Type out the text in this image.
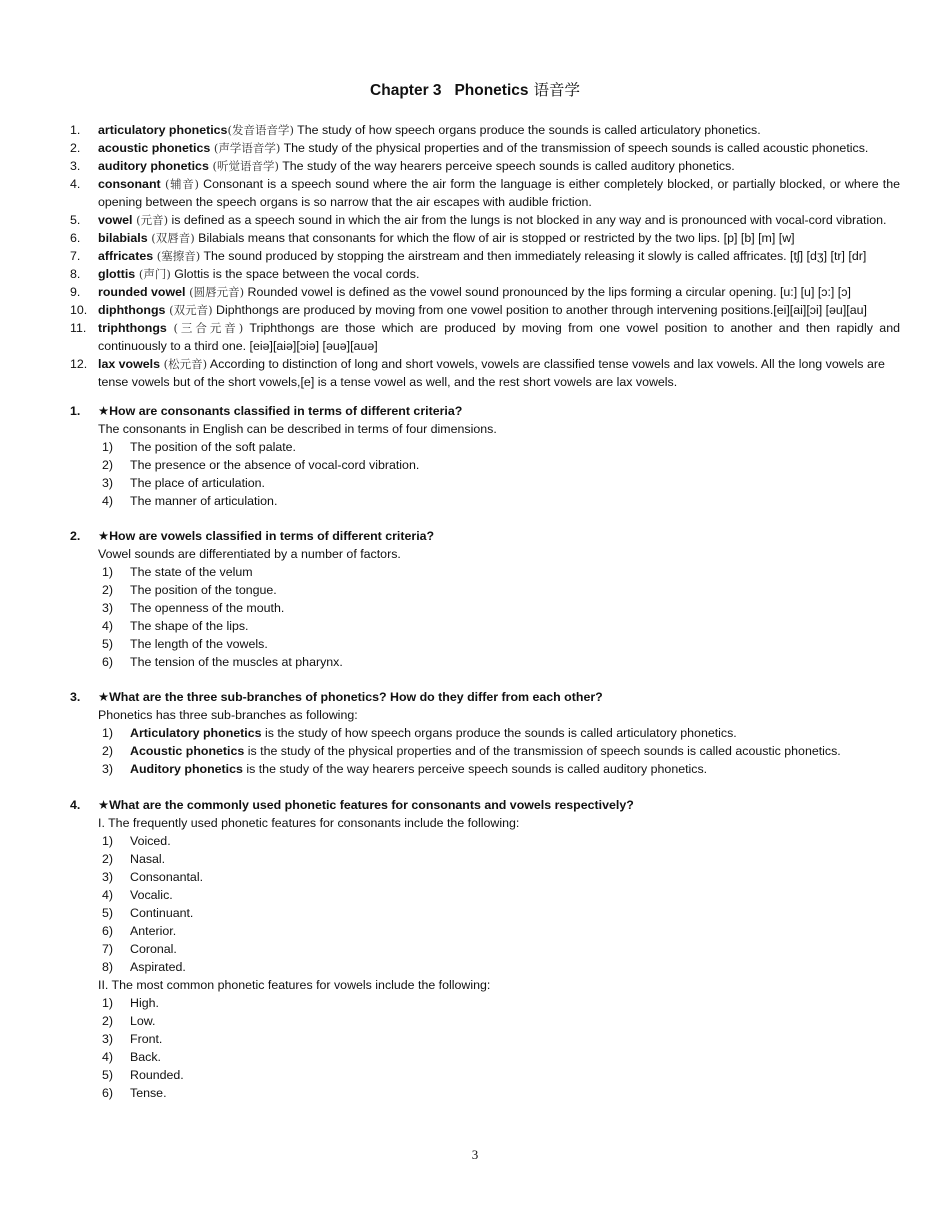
Chapter 3   Phonetics 语音学
1.	articulatory phonetics(发音语音学) The study of how speech organs produce the sounds is called articulatory phonetics.
2.	acoustic phonetics (声学语音学) The study of the physical properties and of the transmission of speech sounds is called acoustic phonetics.
3.	auditory phonetics (听觉语音学) The study of the way hearers perceive speech sounds is called auditory phonetics.
4.	consonant (辅音) Consonant is a speech sound where the air form the language is either completely blocked, or partially blocked, or where the opening between the speech organs is so narrow that the air escapes with audible friction.
5.	vowel (元音) is defined as a speech sound in which the air from the lungs is not blocked in any way and is pronounced with vocal-cord vibration.
6.	bilabials (双唇音) Bilabials means that consonants for which the flow of air is stopped or restricted by the two lips. [p] [b] [m] [w]
7.	affricates (塞擦音) The sound produced by stopping the airstream and then immediately releasing it slowly is called affricates. [tʃ] [dʒ] [tr] [dr]
8.	glottis (声门) Glottis is the space between the vocal cords.
9.	rounded vowel (圆唇元音) Rounded vowel is defined as the vowel sound pronounced by the lips forming a circular opening. [u:] [u] [ɔ:] [ɔ]
10. diphthongs (双元音) Diphthongs are produced by moving from one vowel position to another through intervening positions.[ei][ai][ɔi] [əu][au]
11. triphthongs (三合元音) Triphthongs are those which are produced by moving from one vowel position to another and then rapidly and continuously to a third one. [eiə][aiə][ɔiə] [əuə][auə]
12. lax vowels (松元音) According to distinction of long and short vowels, vowels are classified tense vowels and lax vowels. All the long vowels are tense vowels but of the short vowels,[e] is a tense vowel as well, and the rest short vowels are lax vowels.
1.	★How are consonants classified in terms of different criteria?
The consonants in English can be described in terms of four dimensions.
1)	The position of the soft palate.
2)	The presence or the absence of vocal-cord vibration.
3)	The place of articulation.
4)	The manner of articulation.
2.	★How are vowels classified in terms of different criteria?
Vowel sounds are differentiated by a number of factors.
1)	The state of the velum
2)	The position of the tongue.
3)	The openness of the mouth.
4)	The shape of the lips.
5)	The length of the vowels.
6)	The tension of the muscles at pharynx.
3.	★What are the three sub-branches of phonetics? How do they differ from each other?
Phonetics has three sub-branches as following:
1)	Articulatory phonetics is the study of how speech organs produce the sounds is called articulatory phonetics.
2)	Acoustic phonetics is the study of the physical properties and of the transmission of speech sounds is called acoustic phonetics.
3)	Auditory phonetics is the study of the way hearers perceive speech sounds is called auditory phonetics.
4.	★What are the commonly used phonetic features for consonants and vowels respectively?
I. The frequently used phonetic features for consonants include the following:
1)	Voiced.
2)	Nasal.
3)	Consonantal.
4)	Vocalic.
5)	Continuant.
6)	Anterior.
7)	Coronal.
8)	Aspirated.
II. The most common phonetic features for vowels include the following:
1)	High.
2)	Low.
3)	Front.
4)	Back.
5)	Rounded.
6)	Tense.
3
